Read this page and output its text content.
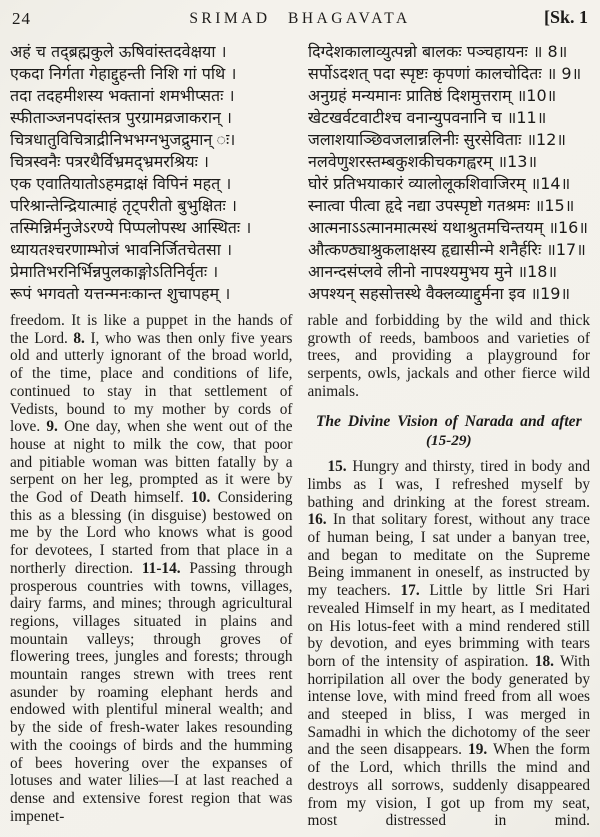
24	SRIMAD BHAGAVATA	[Sk. 1
अहं च तद्ब्रह्मकुले ऊषिवांस्तदवेक्षया ।
एकदा निर्गता गेहाद्दुहन्ती निशि गां पथि ।
तदा तदहमीशस्य भक्तानां शमभीप्सतः ।
स्फीताञ्जनपदांस्तत्र पुरग्रामव्रजाकरान् ।
चित्रधातुविचित्राद्रीनिभभग्नभुजद्रुमान् ः।
चित्रस्वनैः पत्ररथैर्विभ्रमद्भ्रमरश्रियः ।
एक एवातियातोऽहमद्राक्षं विपिनं महत् ।
परिश्रान्तेन्द्रियात्माहं तृट्परीतो बुभुक्षितः ।
तस्मिन्निर्मनुजेऽरण्ये पिप्पलोपस्थ आस्थितः ।
ध्यायतश्चरणाम्भोजं भावनिर्जितचेतसा ।
प्रेमातिभरनिर्भिन्नपुलकाङ्गोऽतिनिर्वृतः ।
रूपं भगवतो यत्तन्मनःकान्त शुचापहम् ।
दिग्देशकालाव्युत्पन्नो बालकः पञ्चहायनः ॥ 8॥
सर्पोऽदशत् पदा स्पृष्टः कृपणां कालचोदितः ॥ 9॥
अनुग्रहं मन्यमानः प्रातिष्ठं दिशमुत्तराम् ॥10॥
खेटखर्वटवाटीश्च वनान्युपवनानि च ॥11॥
जलाशयाञ्छिवजलान्नलिनीः सुरसेविताः ॥12॥
नलवेणुशरस्तम्बकुशकीचकगह्वरम् ॥13॥
घोरं प्रतिभयाकारं व्यालोलूकशिवाजिरम् ॥14॥
स्नात्वा पीत्वा हृदे नद्या उपस्पृष्टो गतश्रमः ॥15॥
आत्मनाऽऽत्मानमात्मस्थं यथाश्रुतमचिन्तयम् ॥16॥
औत्कण्ठ्याश्रुकलाक्षस्य हृद्यासीन्मे शनैर्हरिः ॥17॥
आनन्दसंप्लवे लीनो नापश्यमुभय मुने ॥18॥
अपश्यन् सहसोत्तस्थे वैक्लव्याद्दुर्मना इव ॥19॥

freedom. It is like a puppet in the hands of the Lord. 8. I, who was then only five years old and utterly ignorant of the broad world, of the time, place and conditions of life, continued to stay in that settlement of Vedists, bound to my mother by cords of love. 9. One day, when she went out of the house at night to milk the cow, that poor and pitiable woman was bitten fatally by a serpent on her leg, prompted as it were by the God of Death himself. 10. Considering this as a blessing (in disguise) bestowed on me by the Lord who knows what is good for devotees, I started from that place in a northerly direction. 11-14. Passing through prosperous countries with towns, villages, dairy farms, and mines; through agricultural regions, villages situated in plains and mountain valleys; through groves of flowering trees, jungles and forests; through mountain ranges strewn with trees rent asunder by roaming elephant herds and endowed with plentiful mineral wealth; and by the side of fresh-water lakes resounding with the cooings of birds and the humming of bees hovering over the expanses of lotuses and water lilies—I at last reached a dense and extensive forest region that was impenet-

rable and forbidding by the wild and thick growth of reeds, bamboos and varieties of trees, and providing a playground for serpents, owls, jackals and other fierce wild animals.

The Divine Vision of Narada and after
(15-29)

15. Hungry and thirsty, tired in body and limbs as I was, I refreshed myself by bathing and drinking at the forest stream. 16. In that solitary forest, without any trace of human being, I sat under a banyan tree, and began to meditate on the Supreme Being immanent in oneself, as instructed by my teachers. 17. Little by little Sri Hari revealed Himself in my heart, as I meditated on His lotus-feet with a mind rendered still by devotion, and eyes brimming with tears born of the intensity of aspiration. 18. With horripilation all over the body generated by intense love, with mind freed from all woes and steeped in bliss, I was merged in Samadhi in which the dichotomy of the seer and the seen disappears. 19. When the form of the Lord, which thrills the mind and destroys all sorrows, suddenly disappeared from my vision, I got up from my seat, most distressed in mind.
